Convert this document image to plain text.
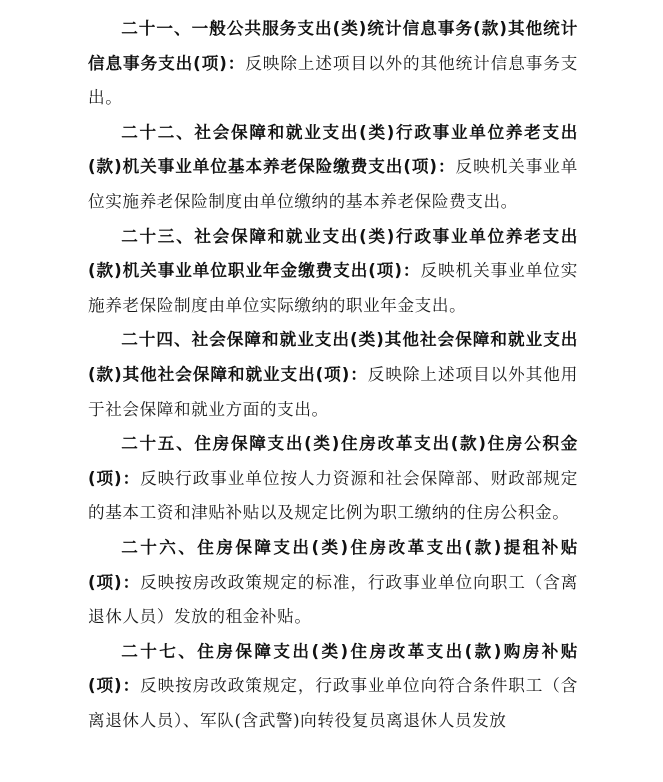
二十一、一般公共服务支出(类)统计信息事务(款)其他统计信息事务支出(项)：反映除上述项目以外的其他统计信息事务支出。

二十二、社会保障和就业支出(类)行政事业单位养老支出(款)机关事业单位基本养老保险缴费支出(项)：反映机关事业单位实施养老保险制度由单位缴纳的基本养老保险费支出。

二十三、社会保障和就业支出(类)行政事业单位养老支出(款)机关事业单位职业年金缴费支出(项)：反映机关事业单位实施养老保险制度由单位实际缴纳的职业年金支出。

二十四、社会保障和就业支出(类)其他社会保障和就业支出(款)其他社会保障和就业支出(项)：反映除上述项目以外其他用于社会保障和就业方面的支出。

二十五、住房保障支出(类)住房改革支出(款)住房公积金(项)：反映行政事业单位按人力资源和社会保障部、财政部规定的基本工资和津贴补贴以及规定比例为职工缴纳的住房公积金。

二十六、住房保障支出(类)住房改革支出(款)提租补贴(项)：反映按房改政策规定的标准，行政事业单位向职工（含离退休人员）发放的租金补贴。

二十七、住房保障支出(类)住房改革支出(款)购房补贴(项)：反映按房改政策规定，行政事业单位向符合条件职工（含离退休人员）、军队(含武警)向转役复员离退休人员发放
